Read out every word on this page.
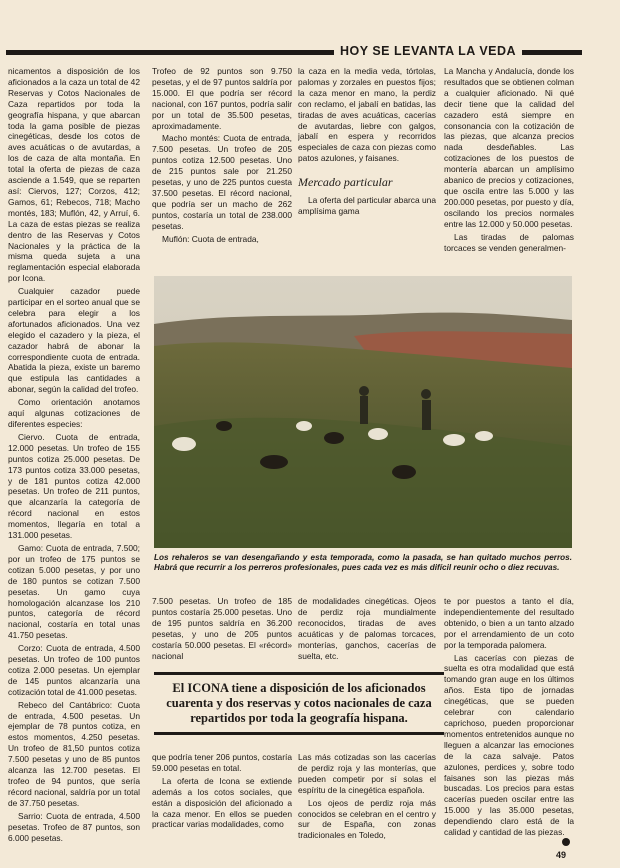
HOY SE LEVANTA LA VEDA

nicamentos a disposición de los aficionados a la caza un total de 42 Reservas y Cotos Nacionales de Caza repartidos por toda la geografía hispana, y que abarcan toda la gama posible de piezas cinegéticas, desde los cotos de aves acuáticas o de avutardas, a los de caza de alta montaña. En total la oferta de piezas de caza asciende a 1.549, que se reparten así: Ciervos, 127; Corzos, 412; Gamos, 61; Rebecos, 718; Macho montés, 183; Muflón, 42, y Arruí, 6. La caza de estas piezas se realiza dentro de las Reservas y Cotos Nacionales y la práctica de la misma queda sujeta a una reglamentación especial elaborada por Icona.

Cualquier cazador puede participar en el sorteo anual que se celebra para elegir a los afortunados aficionados. Una vez elegido el cazadero y la pieza, el cazador habrá de abonar la correspondiente cuota de entrada. Abatida la pieza, existe un baremo que estipula las cantidades a abonar, según la calidad del trofeo.

Como orientación anotamos aquí algunas cotizaciones de diferentes especies:

Ciervo. Cuota de entrada, 12.000 pesetas. Un trofeo de 155 puntos cotiza 25.000 pesetas. De 173 puntos cotiza 33.000 pesetas, y de 181 puntos cotiza 42.000 pesetas. Un trofeo de 211 puntos, que alcanzaría la categoría de récord nacional en estos momentos, llegaría en total a 131.000 pesetas.

Gamo: Cuota de entrada, 7.500; por un trofeo de 175 puntos se cotizan 5.000 pesetas, y por uno de 180 puntos se cotizan 7.500 pesetas. Un gamo cuya homologación alcanzase los 210 puntos, categoría de récord nacional, costaría en total unas 41.750 pesetas.

Corzo: Cuota de entrada, 4.500 pesetas. Un trofeo de 100 puntos cotiza 2.000 pesetas. Un ejemplar de 145 puntos alcanzaría una cotización total de 41.000 pesetas.

Rebeco del Cantábrico: Cuota de entrada, 4.500 pesetas. Un ejemplar de 78 puntos cotiza, en estos momentos, 4.250 pesetas. Un trofeo de 81,50 puntos cotiza 7.500 pesetas y uno de 85 puntos alcanza las 12.700 pesetas. El trofeo de 94 puntos, que sería récord nacional, saldría por un total de 37.750 pesetas.

Sarrio: Cuota de entrada, 4.500 pesetas. Trofeo de 87 puntos, son 6.000 pesetas.

Trofeo de 92 puntos son 9.750 pesetas, y el de 97 puntos saldría por 15.000. El que podría ser récord nacional, con 167 puntos, podría salir por un total de 35.500 pesetas, aproximadamente.

Macho montés: Cuota de entrada, 7.500 pesetas. Un trofeo de 205 puntos cotiza 12.500 pesetas. Uno de 215 puntos sale por 21.250 pesetas, y uno de 225 puntos cuesta 37.500 pesetas. El récord nacional, que podría ser un macho de 262 puntos, costaría un total de 238.000 pesetas.

Muflón: Cuota de entrada,

la caza en la media veda, tórtolas, palomas y zorzales en puestos fijos; la caza menor en mano, la perdiz con reclamo, el jabalí en batidas, las tiradas de aves acuáticas, cacerías de avutardas, liebre con galgos, jabalí en espera y recorridos especiales de caza con piezas como patos azulones, y faisanes.

Mercado particular

La oferta del particular abarca una amplísima gama

La Mancha y Andalucía, donde los resultados que se obtienen colman a cualquier aficionado. Ni qué decir tiene que la calidad del cazadero está siempre en consonancia con la cotización de las piezas, que alcanza precios nada desdeñables. Las cotizaciones de los puestos de montería abarcan un amplísimo abanico de precios y cotizaciones, que oscila entre las 5.000 y las 200.000 pesetas, por puesto y día, oscilando los precios normales entre las 12.000 y 50.000 pesetas.

Las tiradas de palomas torcaces se venden generalmen-

Los rehaleros se van desengañando y esta temporada, como la pasada, se han quitado muchos perros. Habrá que recurrir a los perreros profesionales, pues cada vez es más difícil reunir ocho o diez recuvas.

7.500 pesetas. Un trofeo de 185 puntos costaría 25.000 pesetas. Uno de 195 puntos saldría en 36.200 pesetas, y uno de 205 puntos costaría 50.000 pesetas. El «récord» nacional

de modalidades cinegéticas. Ojeos de perdiz roja mundialmente reconocidos, tiradas de aves acuáticas y de palomas torcaces, monterías, ganchos, cacerías de suelta, etc.

te por puestos a tanto el día, independientemente del resultado obtenido, o bien a un tanto alzado por el arrendamiento de un coto por la temporada palomera.

Las cacerías con piezas de suelta es otra modalidad que está tomando gran auge en los últimos años. Esta tipo de jornadas cinegéticas, que se pueden celebrar con calendario caprichoso, pueden proporcionar momentos entretenidos aunque no lleguen a alcanzar las emociones de la caza salvaje. Patos azulones, perdices y, sobre todo faisanes son las piezas más buscadas. Los precios para estas cacerías pueden oscilar entre las 15.000 y las 35.000 pesetas, dependiendo claro está de la calidad y cantidad de las piezas.

El ICONA tiene a disposición de los aficionados cuarenta y dos reservas y cotos nacionales de caza repartidos por toda la geografía hispana.

que podría tener 206 puntos, costaría 59.000 pesetas en total.

La oferta de Icona se extiende además a los cotos sociales, que están a disposición del aficionado a la caza menor. En ellos se pueden practicar varias modalidades, como

Las más cotizadas son las cacerías de perdiz roja y las monterías, que pueden competir por sí solas el espíritu de la cinegética española.

Los ojeos de perdiz roja más conocidos se celebran en el centro y sur de España, con zonas tradicionales en Toledo,

49
